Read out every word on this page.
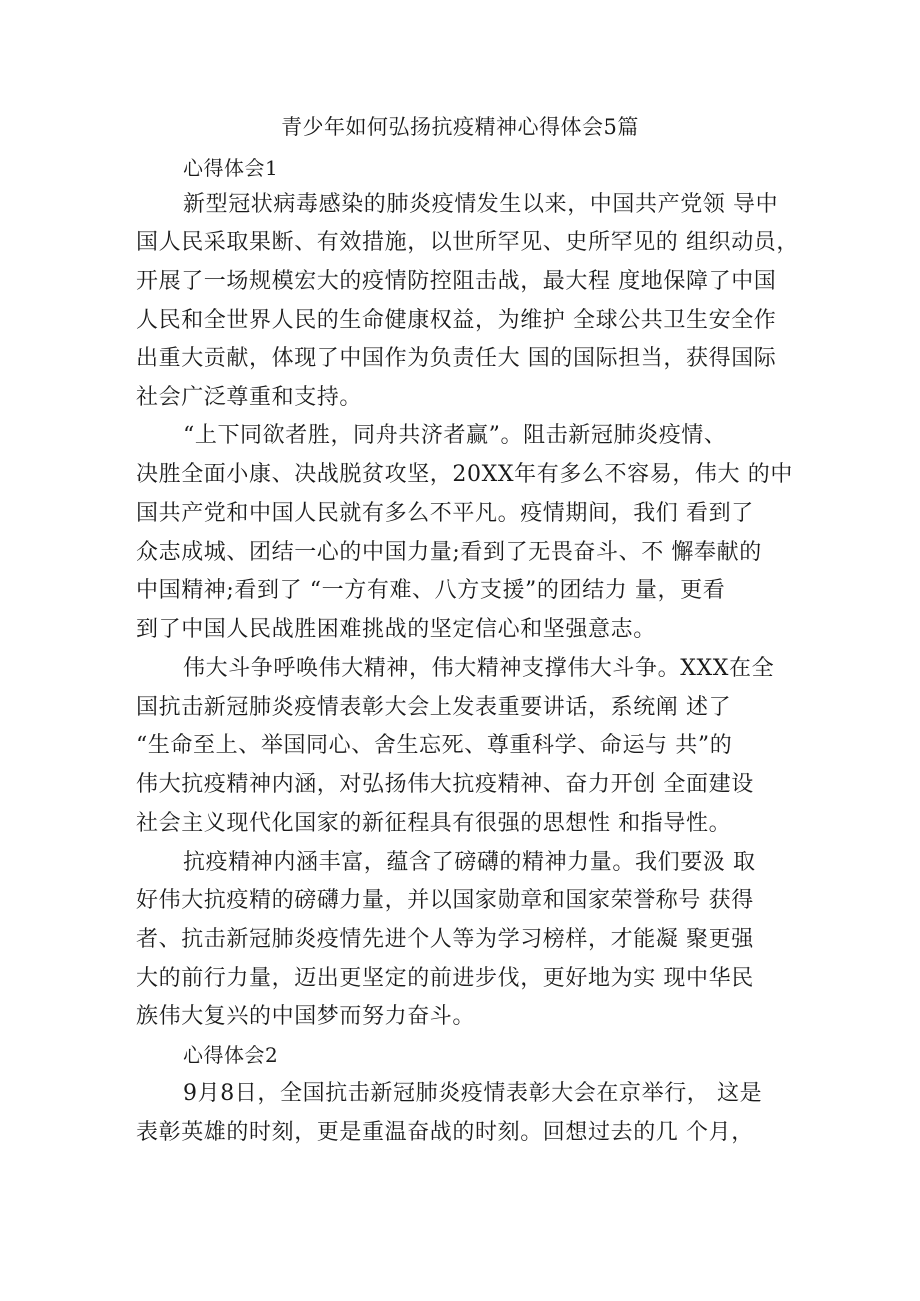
青少年如何弘扬抗疫精神心得体会5篇
心得体会1
新型冠状病毒感染的肺炎疫情发生以来，中国共产党领 导中
国人民采取果断、有效措施，以世所罕见、史所罕见的 组织动员，
开展了一场规模宏大的疫情防控阻击战，最大程 度地保障了中国
人民和全世界人民的生命健康权益，为维护 全球公共卫生安全作
出重大贡献，体现了中国作为负责任大 国的国际担当，获得国际
社会广泛尊重和支持。
“上下同欲者胜，同舟共济者赢”。阻击新冠肺炎疫情、
决胜全面小康、决战脱贫攻坚，20XX年有多么不容易，伟大 的中
国共产党和中国人民就有多么不平凡。疫情期间，我们 看到了
众志成城、团结一心的中国力量;看到了无畏奋斗、不 懈奉献的
中国精神;看到了 “一方有难、八方支援”的团结力 量，更看
到了中国人民战胜困难挑战的坚定信心和坚强意志。
伟大斗争呼唤伟大精神，伟大精神支撑伟大斗争。XXX在全
国抗击新冠肺炎疫情表彰大会上发表重要讲话，系统阐 述了
“生命至上、举国同心、舍生忘死、尊重科学、命运与 共”的
伟大抗疫精神内涵，对弘扬伟大抗疫精神、奋力开创 全面建设
社会主义现代化国家的新征程具有很强的思想性 和指导性。
抗疫精神内涵丰富，蕴含了磅礴的精神力量。我们要汲 取
好伟大抗疫精的磅礴力量，并以国家勋章和国家荣誉称号 获得
者、抗击新冠肺炎疫情先进个人等为学习榜样，才能凝 聚更强
大的前行力量，迈出更坚定的前进步伐，更好地为实 现中华民
族伟大复兴的中国梦而努力奋斗。
心得体会2
9月8日，全国抗击新冠肺炎疫情表彰大会在京举行， 这是
表彰英雄的时刻，更是重温奋战的时刻。回想过去的几 个月，
